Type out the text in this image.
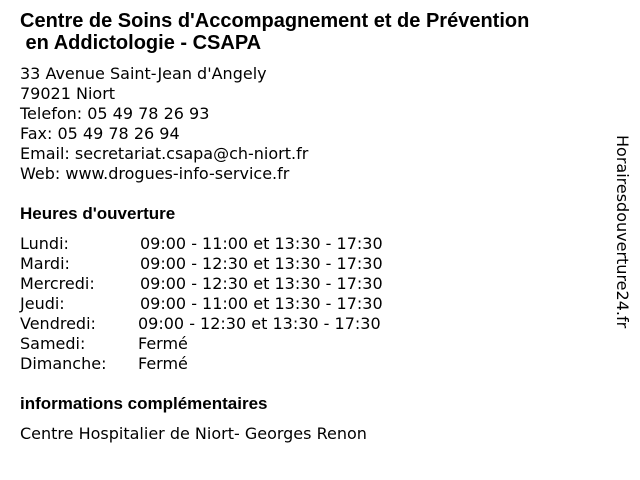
Centre de Soins d'Accompagnement et de Prévention
en Addictologie - CSAPA
33 Avenue Saint-Jean d'Angely
79021 Niort
Telefon: 05 49 78 26 93
Fax: 05 49 78 26 94
Email: secretariat.csapa@ch-niort.fr
Web: www.drogues-info-service.fr
Heures d'ouverture
Lundi:	09:00 - 11:00 et 13:30 - 17:30
Mardi:	09:00 - 12:30 et 13:30 - 17:30
Mercredi:	09:00 - 12:30 et 13:30 - 17:30
Jeudi:	09:00 - 11:00 et 13:30 - 17:30
Vendredi:	09:00 - 12:30 et 13:30 - 17:30
Samedi:	Fermé
Dimanche: Fermé
informations complémentaires
Centre Hospitalier de Niort- Georges Renon
Horairesdouverture24.fr
